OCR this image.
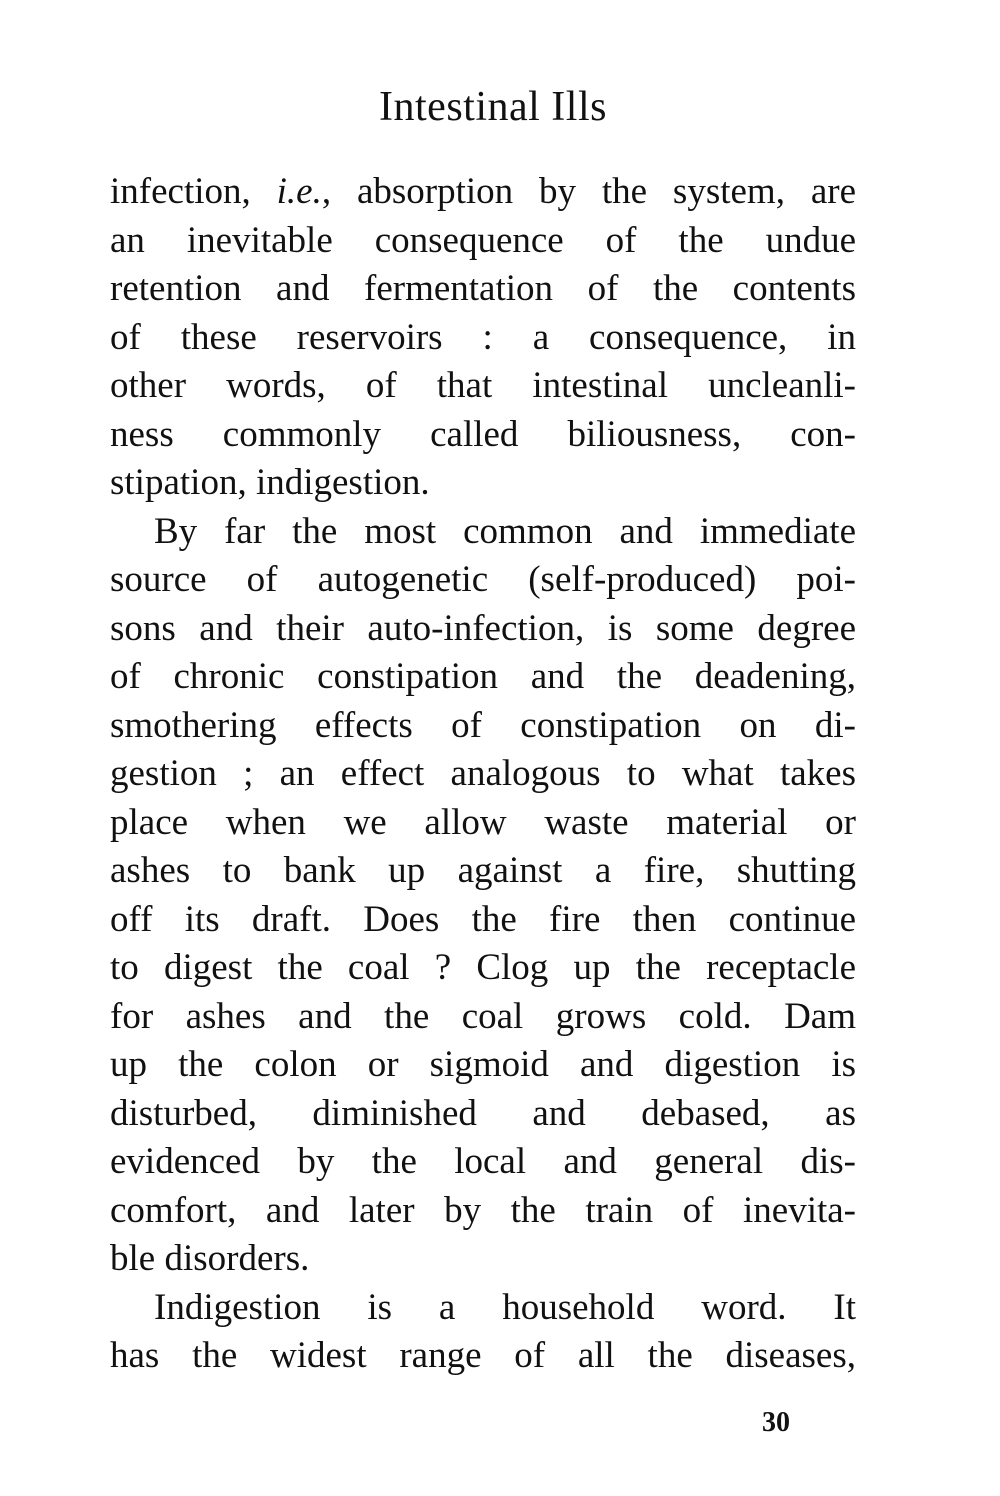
Intestinal Ills
infection, i.e., absorption by the system, are
an inevitable consequence of the undue
retention and fermentation of the contents
of these reservoirs : a consequence, in
other words, of that intestinal uncleanli-
ness commonly called biliousness, con-
stipation, indigestion.
By far the most common and immediate
source of autogenetic (self-produced) poi-
sons and their auto-infection, is some degree
of chronic constipation and the deadening,
smothering effects of constipation on di-
gestion ; an effect analogous to what takes
place when we allow waste material or
ashes to bank up against a fire, shutting
off its draft. Does the fire then continue
to digest the coal ? Clog up the receptacle
for ashes and the coal grows cold. Dam
up the colon or sigmoid and digestion is
disturbed, diminished and debased, as
evidenced by the local and general dis-
comfort, and later by the train of inevita-
ble disorders.
Indigestion is a household word. It
has the widest range of all the diseases,
30
